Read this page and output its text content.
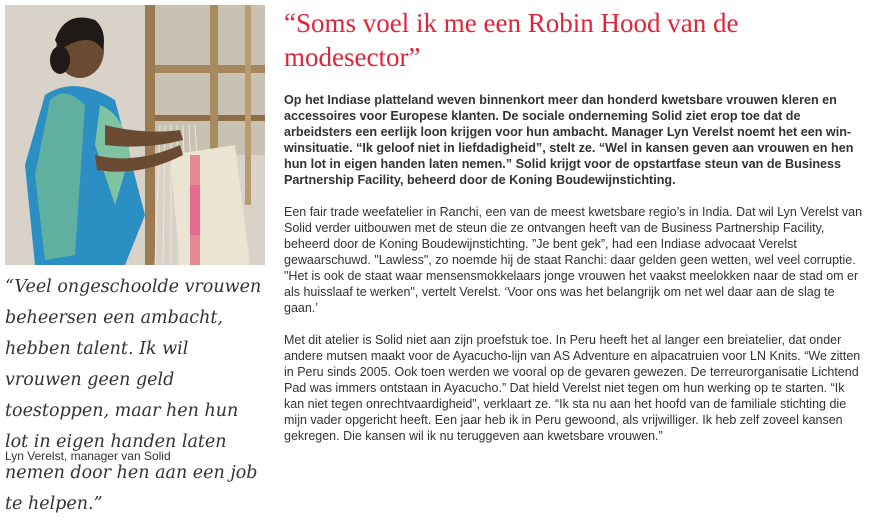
“Veel ongeschoolde vrouwen beheersen een ambacht, hebben talent. Ik wil vrouwen geen geld toestoppen, maar hen hun lot in eigen handen laten nemen door hen aan een job te helpen.”
Lyn Verelst, manager van Solid
“Soms voel ik me een Robin Hood van de modesector”

Op het Indiase platteland weven binnenkort meer dan honderd kwetsbare vrouwen kleren en accessoires voor Europese klanten. De sociale onderneming Solid ziet erop toe dat de arbeidsters een eerlijk loon krijgen voor hun ambacht. Manager Lyn Verelst noemt het een win-winsituatie. “Ik geloof niet in liefdadigheid”, stelt ze. “Wel in kansen geven aan vrouwen en hen hun lot in eigen handen laten nemen.” Solid krijgt voor de opstartfase steun van de Business Partnership Facility, beheerd door de Koning Boudewijnstichting.

Een fair trade weefatelier in Ranchi, een van de meest kwetsbare regio’s in India. Dat wil Lyn Verelst van Solid verder uitbouwen met de steun die ze ontvangen heeft van de Business Partnership Facility, beheerd door de Koning Boudewijnstichting. ”Je bent gek”, had een Indiase advocaat Verelst gewaarschuwd. "Lawless", zo noemde hij de staat Ranchi: daar gelden geen wetten, wel veel corruptie. "Het is ook de staat waar mensensmokkelaars jonge vrouwen het vaakst meelokken naar de stad om er als huisslaaf te werken", vertelt Verelst. ‘Voor ons was het belangrijk om net wel daar aan de slag te gaan.’

Met dit atelier is Solid niet aan zijn proefstuk toe. In Peru heeft het al langer een breiatelier, dat onder andere mutsen maakt voor de Ayacucho-lijn van AS Adventure en alpacatruien voor LN Knits. “We zitten in Peru sinds 2005. Ook toen werden we vooral op de gevaren gewezen. De terreurorganisatie Lichtend Pad was immers ontstaan in Ayacucho.” Dat hield Verelst niet tegen om hun werking op te starten. “Ik kan niet tegen onrechtvaardigheid”, verklaart ze. “Ik sta nu aan het hoofd van de familiale stichting die mijn vader opgericht heeft. Een jaar heb ik in Peru gewoond, als vrijwilliger. Ik heb zelf zoveel kansen gekregen. Die kansen wil ik nu teruggeven aan kwetsbare vrouwen.”
